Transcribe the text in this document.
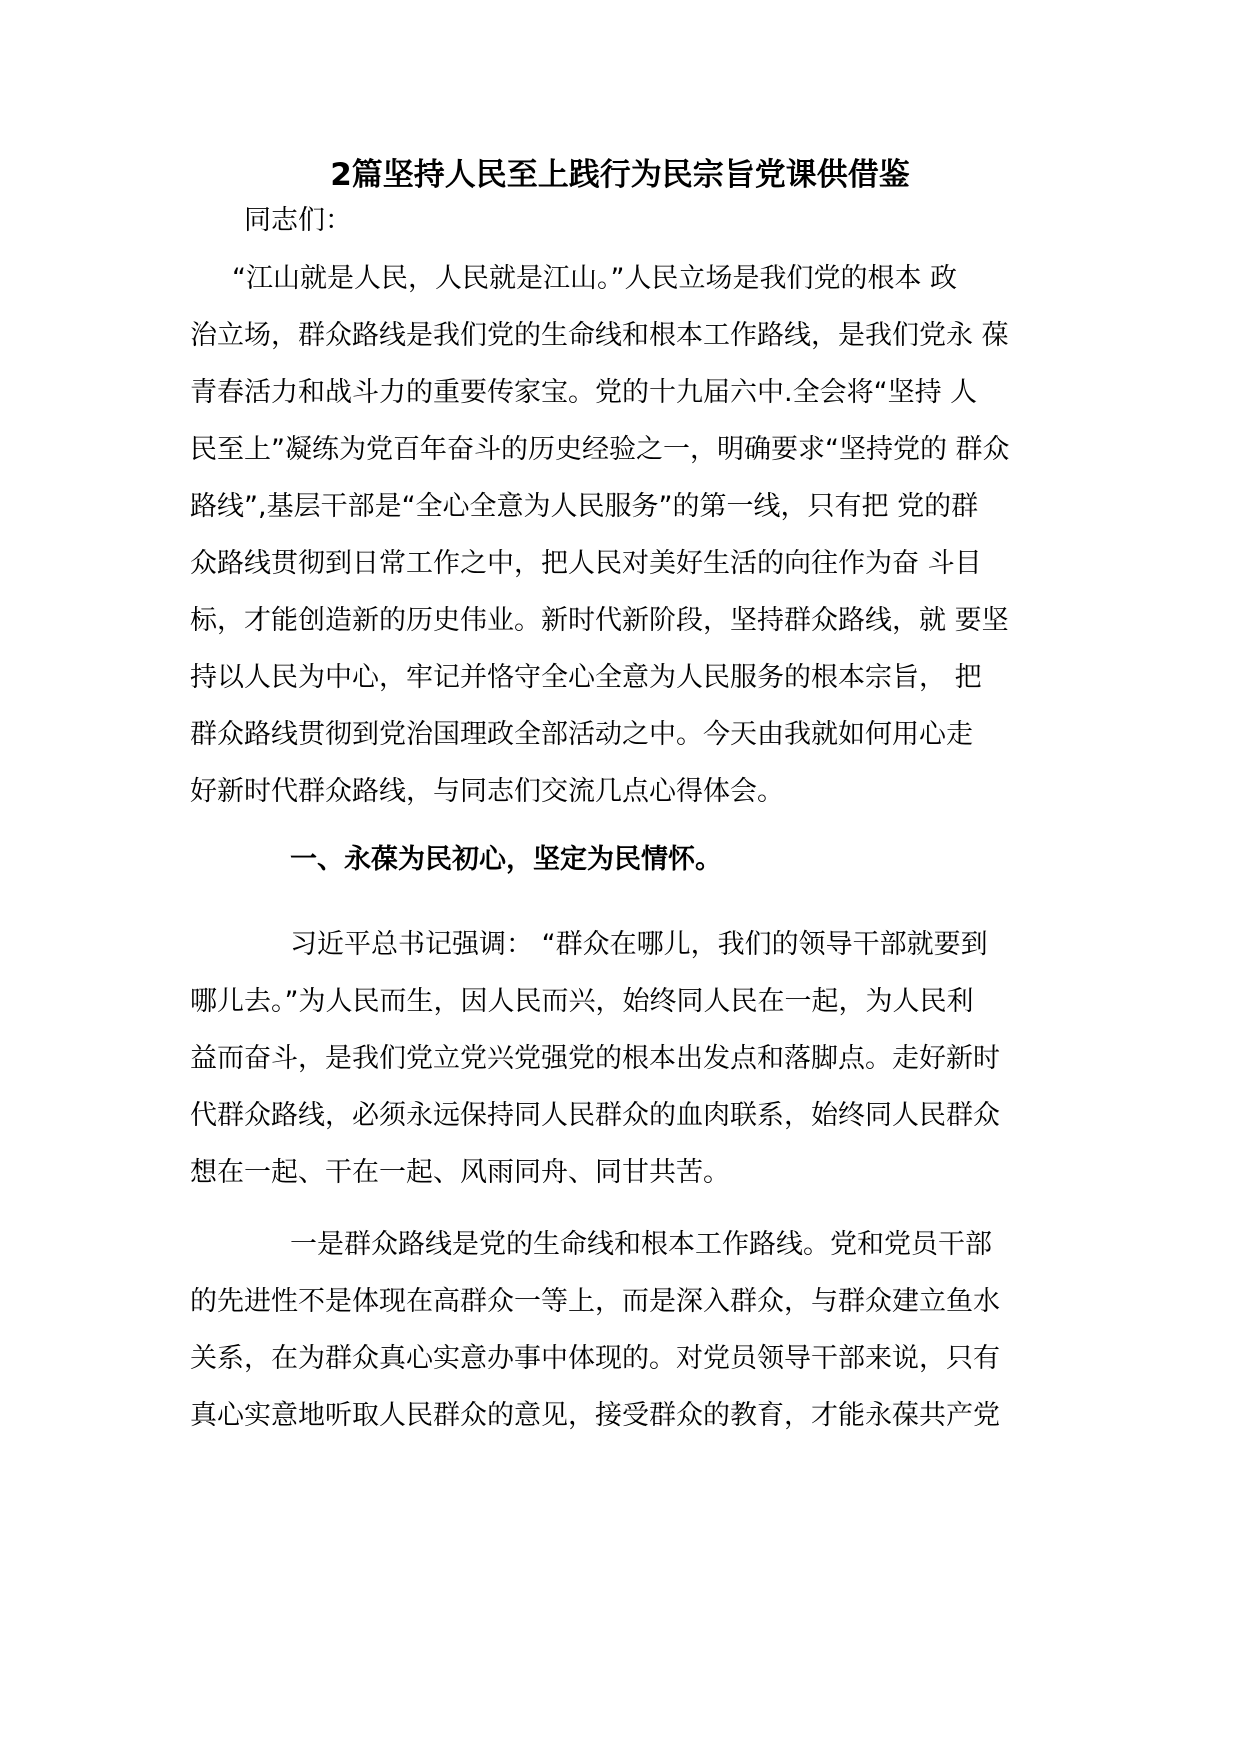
2篇坚持人民至上践行为民宗旨党课供借鉴
同志们：
“江山就是人民，人民就是江山。”人民立场是我们党的根本 政
治立场，群众路线是我们党的生命线和根本工作路线，是我们党永 葆
青春活力和战斗力的重要传家宝。党的十九届六中.全会将“坚持 人
民至上”凝练为党百年奋斗的历史经验之一，明确要求“坚持党的 群众
路线”,基层干部是“全心全意为人民服务”的第一线，只有把 党的群
众路线贯彻到日常工作之中，把人民对美好生活的向往作为奋 斗目
标，才能创造新的历史伟业。新时代新阶段，坚持群众路线，就 要坚
持以人民为中心，牢记并恪守全心全意为人民服务的根本宗旨， 把
群众路线贯彻到党治国理政全部活动之中。今天由我就如何用心走
好新时代群众路线，与同志们交流几点心得体会。
一、永葆为民初心，坚定为民情怀。
习近平总书记强调： “群众在哪儿，我们的领导干部就要到
哪儿去。”为人民而生，因人民而兴，始终同人民在一起，为人民利
益而奋斗，是我们党立党兴党强党的根本出发点和落脚点。走好新时
代群众路线，必须永远保持同人民群众的血肉联系，始终同人民群众
想在一起、干在一起、风雨同舟、同甘共苦。
一是群众路线是党的生命线和根本工作路线。党和党员干部
的先进性不是体现在高群众一等上，而是深入群众，与群众建立鱼水
关系，在为群众真心实意办事中体现的。对党员领导干部来说，只有
真心实意地听取人民群众的意见，接受群众的教育，才能永葆共产党
